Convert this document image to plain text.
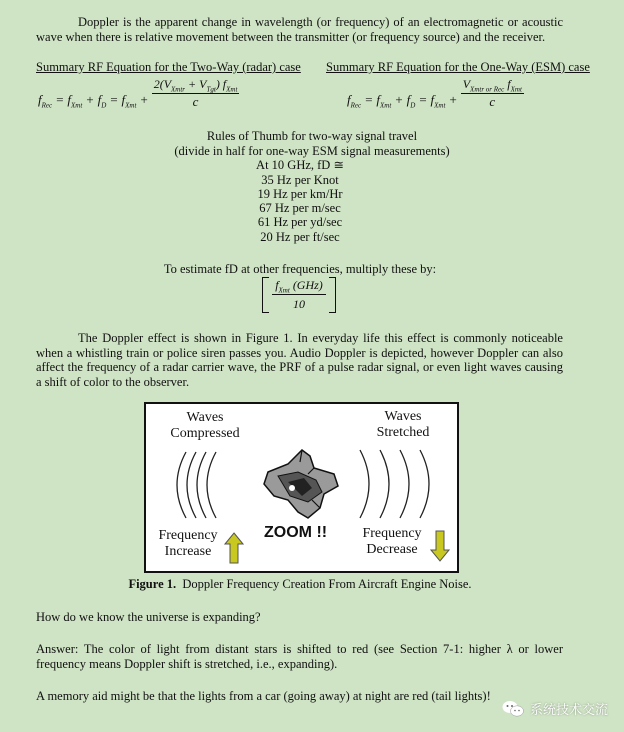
Doppler is the apparent change in wavelength (or frequency) of an electromagnetic or acoustic wave when there is relative movement between the transmitter (or frequency source) and the receiver.

Summary RF Equation for the Two-Way (radar) case Summary RF Equation for the One-Way (ESM) case
$f_{Rec} = f_{Xmt} + f_D = f_{Xmt} + \frac{2(V_{Xmtr} + V_{Tgt}) f_{Xmt}}{c}$	$f_{Rec} = f_{Xmt} + f_D = f_{Xmt} + \frac{V_{Xmtr or Rec} f_{Xmt}}{c}$
Rules of Thumb for two-way signal travel
(divide in half for one-way ESM signal measurements)
At 10 GHz, fD ≅
35 Hz per Knot
19 Hz per km/Hr
67 Hz per m/sec
61 Hz per yd/sec
20 Hz per ft/sec
To estimate fD at other frequencies, multiply these by:
$f_{Xmt}$ (GHz)
10

The Doppler effect is shown in Figure 1. In everyday life this effect is commonly noticeable when a whistling train or police siren passes you. Audio Doppler is depicted, however Doppler can also affect the frequency of a radar carrier wave, the PRF of a pulse radar signal, or even light waves causing a shift of color to the observer.

Waves Compressed
Waves Stretched
Frequency Increase
ZOOM !!	Frequency Decrease
Figure 1. Doppler Frequency Creation From Aircraft Engine Noise.

How do we know the universe is expanding?

Answer: The color of light from distant stars is shifted to red (see Section 7-1: higher λ or lower frequency means Doppler shift is stretched, i.e., expanding).

A memory aid might be that the lights from a car (going away) at night are red (tail lights)!

系统技术交流
